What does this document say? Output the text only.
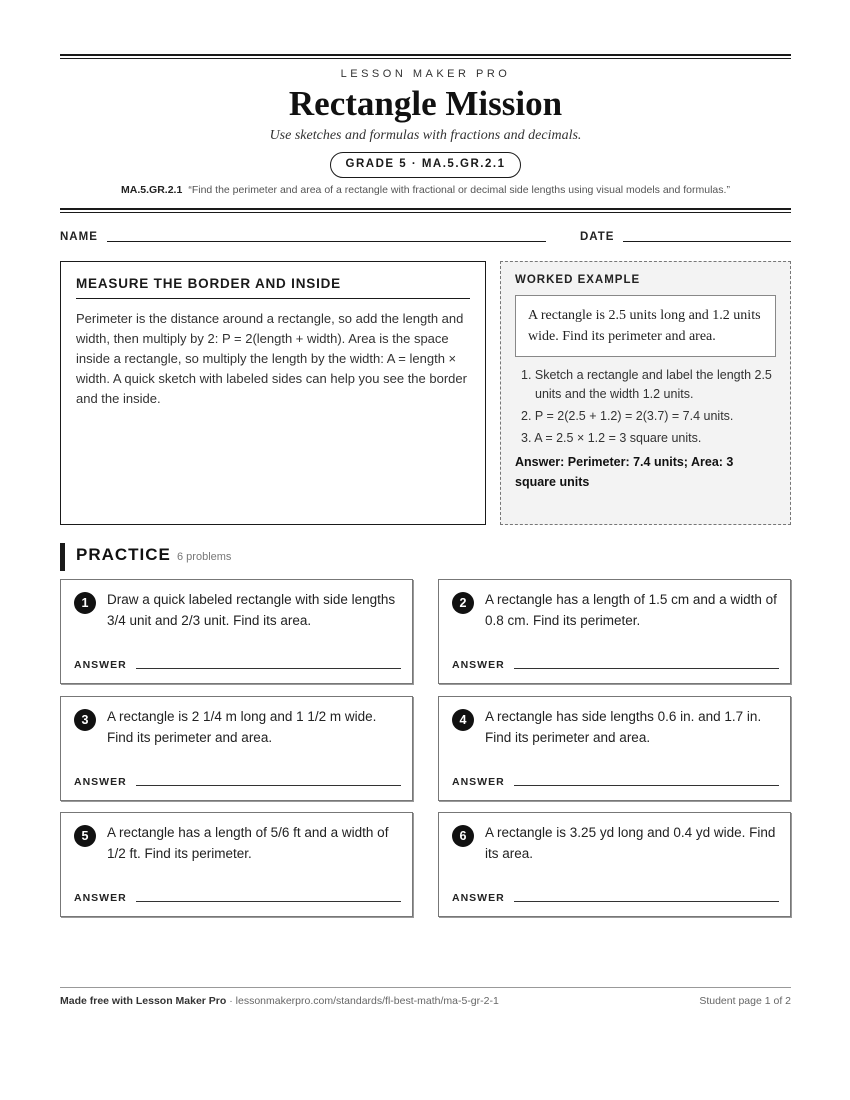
LESSON MAKER PRO
Rectangle Mission
Use sketches and formulas with fractions and decimals.
GRADE 5 · MA.5.GR.2.1
MA.5.GR.2.1 “Find the perimeter and area of a rectangle with fractional or decimal side lengths using visual models and formulas.”
NAME	DATE
MEASURE THE BORDER AND INSIDE
Perimeter is the distance around a rectangle, so add the length and width, then multiply by 2: P = 2(length + width). Area is the space inside a rectangle, so multiply the length by the width: A = length × width. A quick sketch with labeled sides can help you see the border and the inside.
WORKED EXAMPLE
A rectangle is 2.5 units long and 1.2 units wide. Find its perimeter and area.
1. Sketch a rectangle and label the length 2.5 units and the width 1.2 units.
2. P = 2(2.5 + 1.2) = 2(3.7) = 7.4 units.
3. A = 2.5 × 1.2 = 3 square units.
Answer: Perimeter: 7.4 units; Area: 3 square units
PRACTICE 6 problems
1	Draw a quick labeled rectangle with side lengths 3/4 unit and 2/3 unit. Find its area.
ANSWER
2	A rectangle has a length of 1.5 cm and a width of 0.8 cm. Find its perimeter.
ANSWER
3	A rectangle is 2 1/4 m long and 1 1/2 m wide. Find its perimeter and area.
ANSWER
4	A rectangle has side lengths 0.6 in. and 1.7 in. Find its perimeter and area.
ANSWER
5	A rectangle has a length of 5/6 ft and a width of 1/2 ft. Find its perimeter.
ANSWER
6	A rectangle is 3.25 yd long and 0.4 yd wide. Find its area.
ANSWER
Made free with Lesson Maker Pro · lessonmakerpro.com/standards/fl-best-math/ma-5-gr-2-1	Student page 1 of 2
